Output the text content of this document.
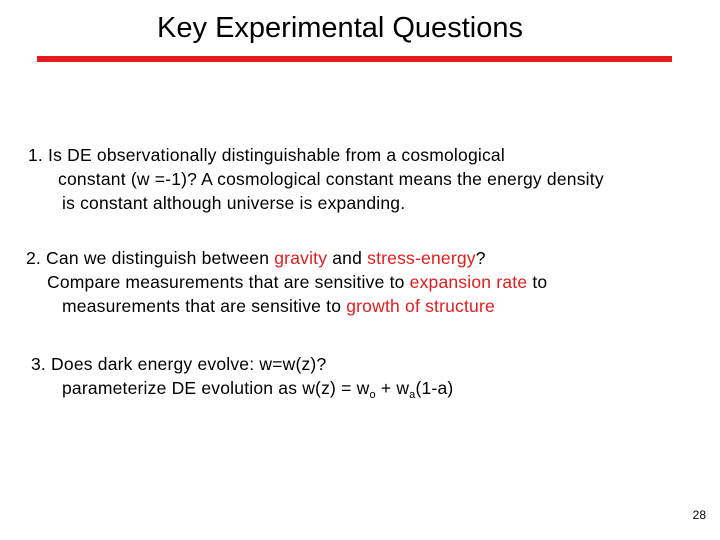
Key Experimental Questions
1. Is DE observationally distinguishable from a cosmological
constant (w =-1)? A cosmological constant means the energy density
is constant although universe is expanding.
2. Can we distinguish between gravity and stress-energy?
Compare measurements that are sensitive to expansion rate to
measurements that are sensitive to growth of structure
3. Does dark energy evolve: w=w(z)?
parameterize DE evolution as $w(z) = w_o + w_a(1-a)$
28
